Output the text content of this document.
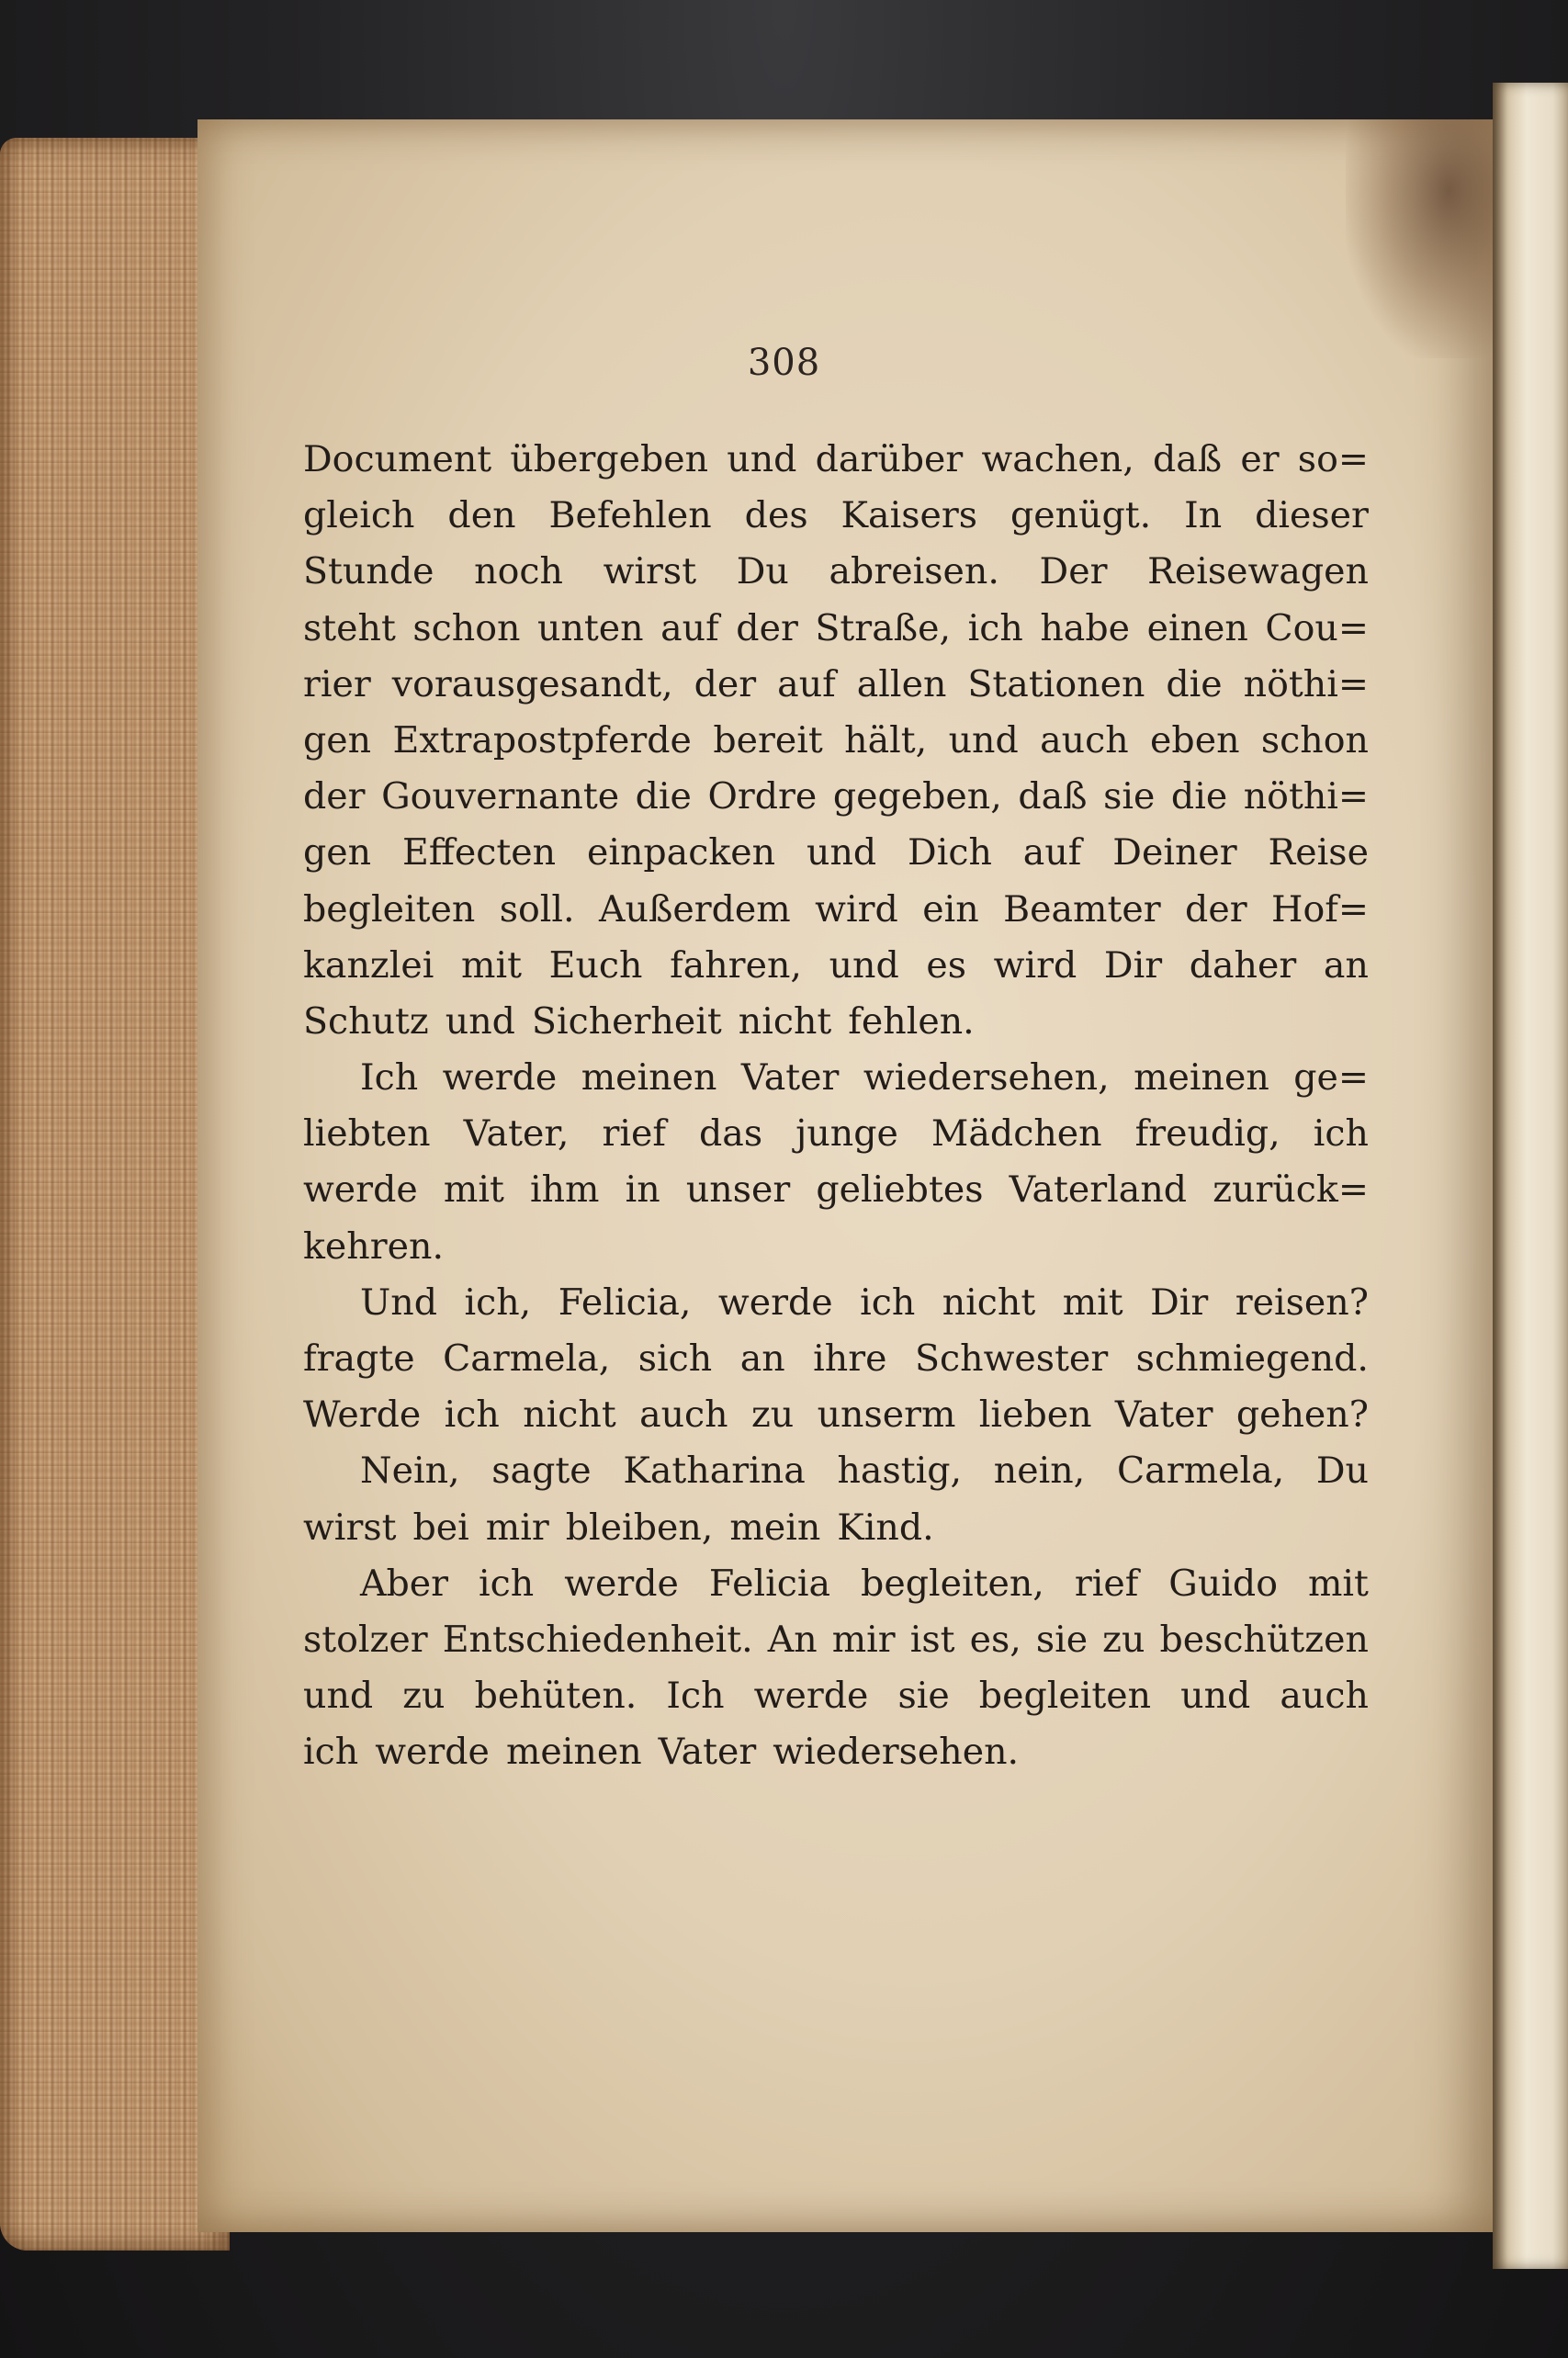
308
Document übergeben und darüber wachen, daß er so=
gleich den Befehlen des Kaisers genügt. In dieser
Stunde noch wirst Du abreisen. Der Reisewagen
steht schon unten auf der Straße, ich habe einen Cou=
rier vorausgesandt, der auf allen Stationen die nöthi=
gen Extrapostpferde bereit hält, und auch eben schon
der Gouvernante die Ordre gegeben, daß sie die nöthi=
gen Effecten einpacken und Dich auf Deiner Reise
begleiten soll. Außerdem wird ein Beamter der Hof=
kanzlei mit Euch fahren, und es wird Dir daher an
Schutz und Sicherheit nicht fehlen.
Ich werde meinen Vater wiedersehen, meinen ge=
liebten Vater, rief das junge Mädchen freudig, ich
werde mit ihm in unser geliebtes Vaterland zurück=
kehren.
Und ich, Felicia, werde ich nicht mit Dir reisen?
fragte Carmela, sich an ihre Schwester schmiegend.
Werde ich nicht auch zu unserm lieben Vater gehen?
Nein, sagte Katharina hastig, nein, Carmela, Du
wirst bei mir bleiben, mein Kind.
Aber ich werde Felicia begleiten, rief Guido mit
stolzer Entschiedenheit. An mir ist es, sie zu beschützen
und zu behüten. Ich werde sie begleiten und auch
ich werde meinen Vater wiedersehen.
